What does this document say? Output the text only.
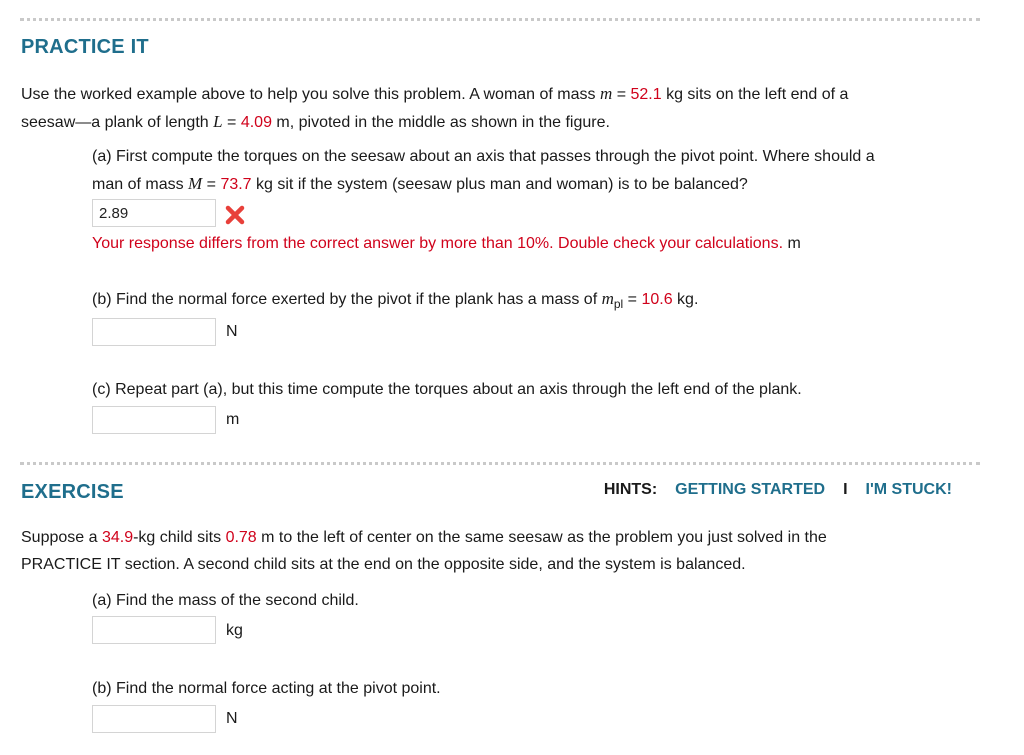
PRACTICE IT
Use the worked example above to help you solve this problem. A woman of mass m = 52.1 kg sits on the left end of a
seesaw—a plank of length L = 4.09 m, pivoted in the middle as shown in the figure.
(a) First compute the torques on the seesaw about an axis that passes through the pivot point. Where should a
man of mass M = 73.7 kg sit if the system (seesaw plus man and woman) is to be balanced?
2.89
Your response differs from the correct answer by more than 10%. Double check your calculations. m
(b) Find the normal force exerted by the pivot if the plank has a mass of $m_{pl} = 10.6$ kg.
N
(c) Repeat part (a), but this time compute the torques about an axis through the left end of the plank.
m
EXERCISE	HINTS: GETTING STARTED I I'M STUCK!
Suppose a 34.9-kg child sits 0.78 m to the left of center on the same seesaw as the problem you just solved in the
PRACTICE IT section. A second child sits at the end on the opposite side, and the system is balanced.
(a) Find the mass of the second child.
kg
(b) Find the normal force acting at the pivot point.
N
